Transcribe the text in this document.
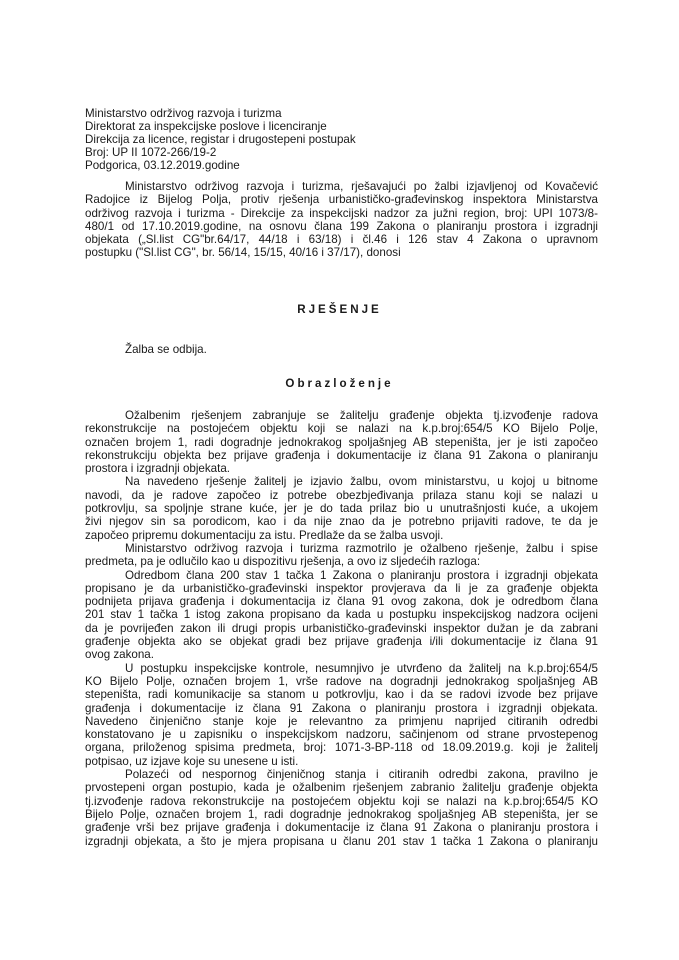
Ministarstvo održivog razvoja i turizma
Direktorat za inspekcijske poslove i licenciranje
Direkcija za licence, registar i drugostepeni postupak
Broj: UP II 1072-266/19-2
Podgorica, 03.12.2019.godine
Ministarstvo održivog razvoja i turizma, rješavajući po žalbi izjavljenoj od Kovačević
Radojice iz Bijelog Polja, protiv rješenja urbanističko-građevinskog inspektora Ministarstva
održivog razvoja i turizma - Direkcije za inspekcijski nadzor za južni region, broj: UPI 1073/8-
480/1 od 17.10.2019.godine, na osnovu člana 199 Zakona o planiranju prostora i izgradnji
objekata („Sl.list CG"br.64/17, 44/18 i 63/18) i čl.46 i 126 stav 4 Zakona o upravnom
postupku ("Sl.list CG", br. 56/14, 15/15, 40/16 i 37/17), donosi
RJEŠENJE
Žalba se odbija.
Obrazloženje
Ožalbenim rješenjem zabranjuje se žalitelju građenje objekta tj.izvođenje radova
rekonstrukcije na postojećem objektu koji se nalazi na k.p.broj:654/5 KO Bijelo Polje,
označen brojem 1, radi dogradnje jednokrakog spoljašnjeg AB stepeništa, jer je isti započeo
rekonstrukciju objekta bez prijave građenja i dokumentacije iz člana 91 Zakona o planiranju
prostora i izgradnji objekata.
Na navedeno rješenje žalitelj je izjavio žalbu, ovom ministarstvu, u kojoj u bitnome
navodi, da je radove započeo iz potrebe obezbjeđivanja prilaza stanu koji se nalazi u
potkrovlju, sa spoljnje strane kuće, jer je do tada prilaz bio u unutrašnjosti kuće, a ukojem
živi njegov sin sa porodicom, kao i da nije znao da je potrebno prijaviti radove, te da je
započeo pripremu dokumentaciju za istu. Predlaže da se žalba usvoji.
Ministarstvo održivog razvoja i turizma razmotrilo je ožalbeno rješenje, žalbu i spise
predmeta, pa je odlučilo kao u dispozitivu rješenja, a ovo iz sljedećih razloga:
Odredbom člana 200 stav 1 tačka 1 Zakona o planiranju prostora i izgradnji objekata
propisano je da urbanističko-građevinski inspektor provjerava da li je za građenje objekta
podnijeta prijava građenja i dokumentacija iz člana 91 ovog zakona, dok je odredbom člana
201 stav 1 tačka 1 istog zakona propisano da kada u postupku inspekcijskog nadzora ocijeni
da je povrijeđen zakon ili drugi propis urbanističko-građevinski inspektor dužan je da zabrani
građenje objekta ako se objekat gradi bez prijave građenja i/ili dokumentacije iz člana 91
ovog zakona.
U postupku inspekcijske kontrole, nesumnjivo je utvrđeno da žalitelj na k.p.broj:654/5
KO Bijelo Polje, označen brojem 1, vrše radove na dogradnji jednokrakog spoljašnjeg AB
stepeništa, radi komunikacije sa stanom u potkrovlju, kao i da se radovi izvode bez prijave
građenja i dokumentacije iz člana 91 Zakona o planiranju prostora i izgradnji objekata.
Navedeno činjenično stanje koje je relevantno za primjenu naprijed citiranih odredbi
konstatovano je u zapisniku o inspekcijskom nadzoru, sačinjenom od strane prvostepenog
organa, priloženog spisima predmeta, broj: 1071-3-BP-118 od 18.09.2019.g. koji je žalitelj
potpisao, uz izjave koje su unesene u isti.
Polazeći od nespornog činjeničnog stanja i citiranih odredbi zakona, pravilno je
prvostepeni organ postupio, kada je ožalbenim rješenjem zabranio žalitelju građenje objekta
tj.izvođenje radova rekonstrukcije na postojećem objektu koji se nalazi na k.p.broj:654/5 KO
Bijelo Polje, označen brojem 1, radi dogradnje jednokrakog spoljašnjeg AB stepeništa, jer se
građenje vrši bez prijave građenja i dokumentacije iz člana 91 Zakona o planiranju prostora i
izgradnji objekata, a što je mjera propisana u članu 201 stav 1 tačka 1 Zakona o planiranju
